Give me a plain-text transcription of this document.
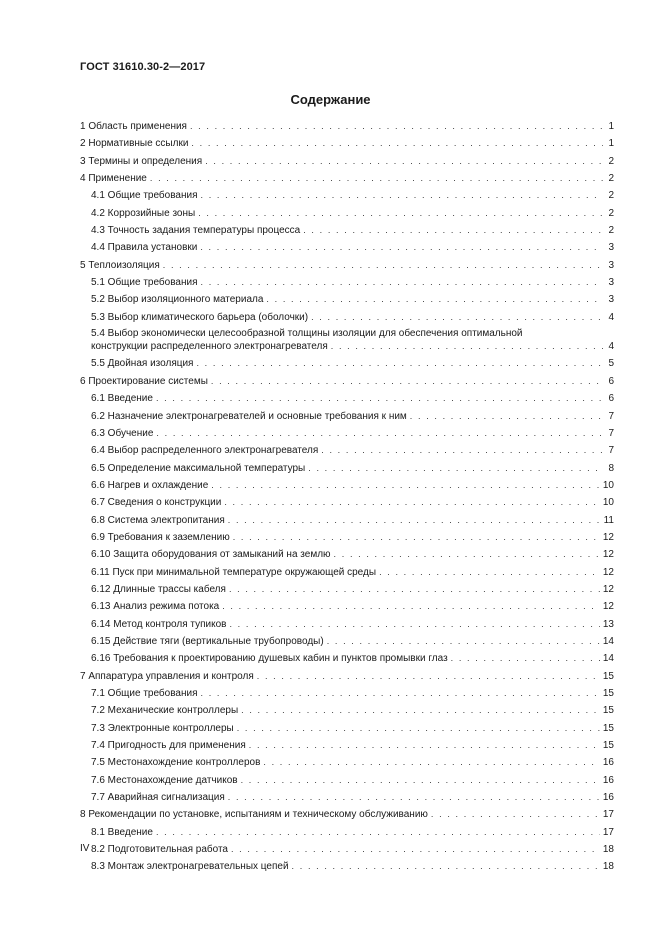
ГОСТ 31610.30-2—2017
Содержание
1 Область применения . . .	1
2 Нормативные ссылки . . .	1
3 Термины и определения . . .	2
4 Применение . . .	2
4.1 Общие требования . . .	2
4.2 Коррозийные зоны . . .	2
4.3 Точность задания температуры процесса . . .	2
4.4 Правила установки . . .	3
5 Теплоизоляция . . .	3
5.1 Общие требования . . .	3
5.2 Выбор изоляционного материала . . .	3
5.3 Выбор климатического барьера (оболочки) . . .	4
5.4 Выбор экономически целесообразной толщины изоляции для обеспечения оптимальной
конструкции распределенного электронагревателя . . .	4
5.5 Двойная изоляция . . .	5
6 Проектирование системы . . .	6
6.1 Введение . . .	6
6.2 Назначение электронагревателей и основные требования к ним . . .	7
6.3 Обучение . . .	7
6.4 Выбор распределенного электронагревателя . . .	7
6.5 Определение максимальной температуры . . .	8
6.6 Нагрев и охлаждение . . .	10
6.7 Сведения о конструкции . . .	10
6.8 Система электропитания . . .	11
6.9 Требования к заземлению . . .	12
6.10 Защита оборудования от замыканий на землю . . .	12
6.11 Пуск при минимальной температуре окружающей среды . . .	12
6.12 Длинные трассы кабеля . . .	12
6.13 Анализ режима потока . . .	12
6.14 Метод контроля тупиков . . .	13
6.15 Действие тяги (вертикальные трубопроводы) . . .	14
6.16 Требования к проектированию душевых кабин и пунктов промывки глаз . . .	14
7 Аппаратура управления и контроля . . .	15
7.1 Общие требования . . .	15
7.2 Механические контроллеры . . .	15
7.3 Электронные контроллеры . . .	15
7.4 Пригодность для применения . . .	15
7.5 Местонахождение контроллеров . . .	16
7.6 Местонахождение датчиков . . .	16
7.7 Аварийная сигнализация . . .	16
8 Рекомендации по установке, испытаниям и техническому обслуживанию . . .	17
8.1 Введение . . .	17
8.2 Подготовительная работа . . .	18
8.3 Монтаж электронагревательных цепей . . .	18
IV
